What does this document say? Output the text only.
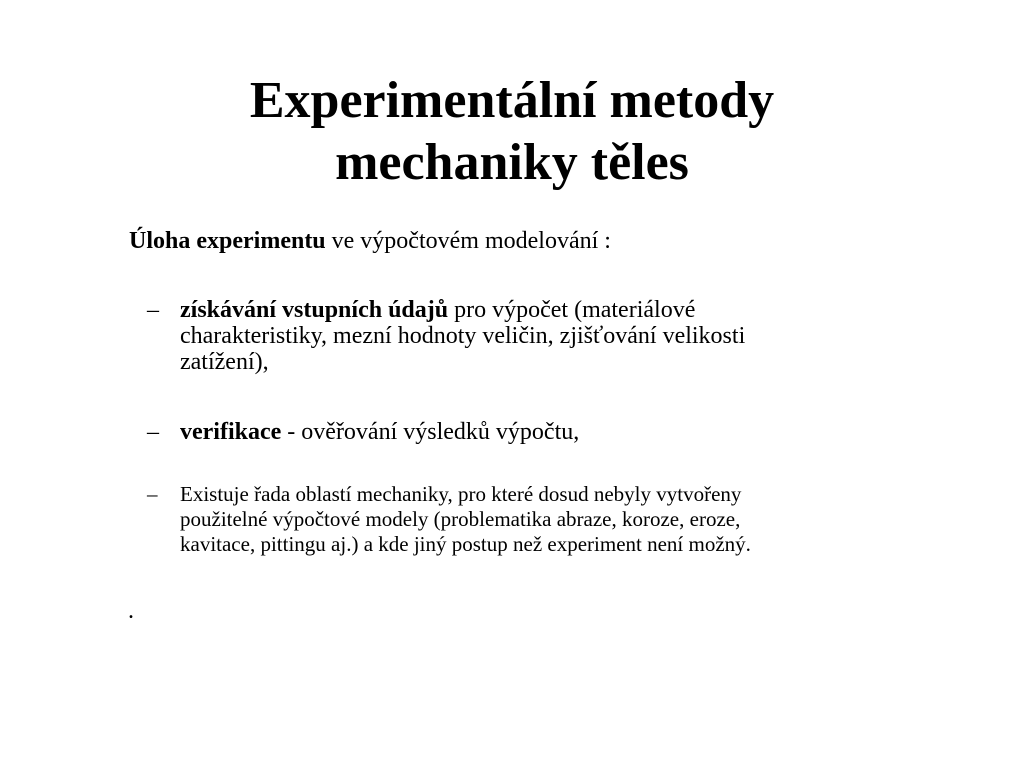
Experimentální metody
mechaniky těles

Úloha experimentu ve výpočtovém modelování :

– získávání vstupních údajů pro výpočet (materiálové
charakteristiky, mezní hodnoty veličin, zjišťování velikosti
zatížení),
– verifikace - ověřování výsledků výpočtu,
– Existuje řada oblastí mechaniky, pro které dosud nebyly vytvořeny
použitelné výpočtové modely (problematika abraze, koroze, eroze,
kavitace, pittingu aj.) a kde jiný postup než experiment není možný.
.
